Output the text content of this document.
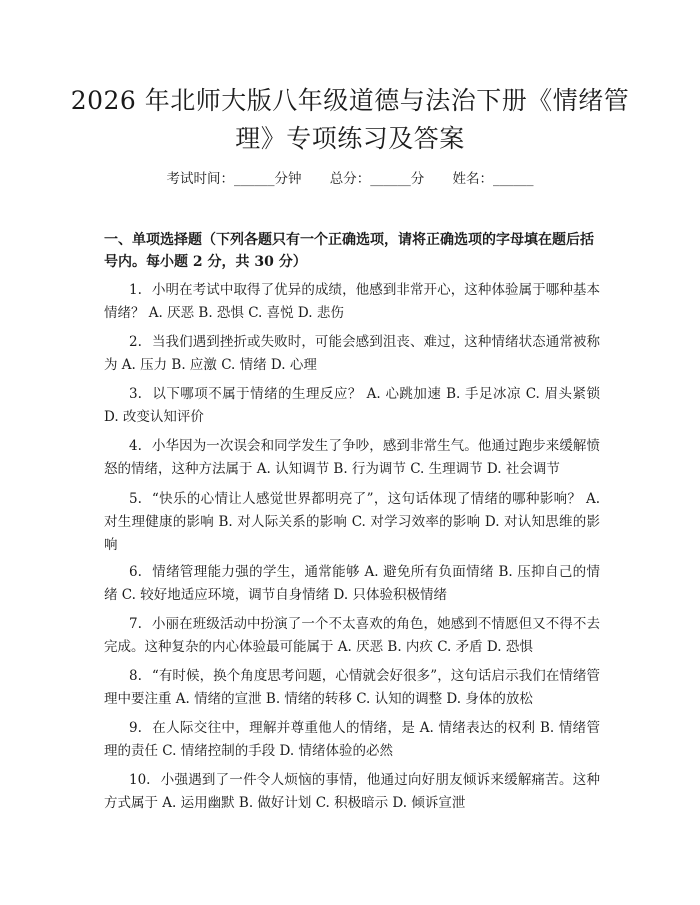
2026 年北师大版八年级道德与法治下册《情绪管理》专项练习及答案
考试时间：______分钟 总分：______分 姓名：______
一、单项选择题（下列各题只有一个正确选项，请将正确选项的字母填在题后括号内。每小题 2 分，共 30 分）
1. 小明在考试中取得了优异的成绩，他感到非常开心，这种体验属于哪种基本情绪？ A. 厌恶 B. 恐惧 C. 喜悦 D. 悲伤
2. 当我们遇到挫折或失败时，可能会感到沮丧、难过，这种情绪状态通常被称为 A. 压力 B. 应激 C. 情绪 D. 心理
3. 以下哪项不属于情绪的生理反应？ A. 心跳加速 B. 手足冰凉 C. 眉头紧锁 D. 改变认知评价
4. 小华因为一次误会和同学发生了争吵，感到非常生气。他通过跑步来缓解愤怒的情绪，这种方法属于 A. 认知调节 B. 行为调节 C. 生理调节 D. 社会调节
5. “快乐的心情让人感觉世界都明亮了”，这句话体现了情绪的哪种影响？ A. 对生理健康的影响 B. 对人际关系的影响 C. 对学习效率的影响 D. 对认知思维的影响
6. 情绪管理能力强的学生，通常能够 A. 避免所有负面情绪 B. 压抑自己的情绪 C. 较好地适应环境，调节自身情绪 D. 只体验积极情绪
7. 小丽在班级活动中扮演了一个不太喜欢的角色，她感到不情愿但又不得不去完成。这种复杂的内心体验最可能属于 A. 厌恶 B. 内疚 C. 矛盾 D. 恐惧
8. “有时候，换个角度思考问题，心情就会好很多”，这句话启示我们在情绪管理中要注重 A. 情绪的宣泄 B. 情绪的转移 C. 认知的调整 D. 身体的放松
9. 在人际交往中，理解并尊重他人的情绪，是 A. 情绪表达的权利 B. 情绪管理的责任 C. 情绪控制的手段 D. 情绪体验的必然
10. 小强遇到了一件令人烦恼的事情，他通过向好朋友倾诉来缓解痛苦。这种方式属于 A. 运用幽默 B. 做好计划 C. 积极暗示 D. 倾诉宣泄
